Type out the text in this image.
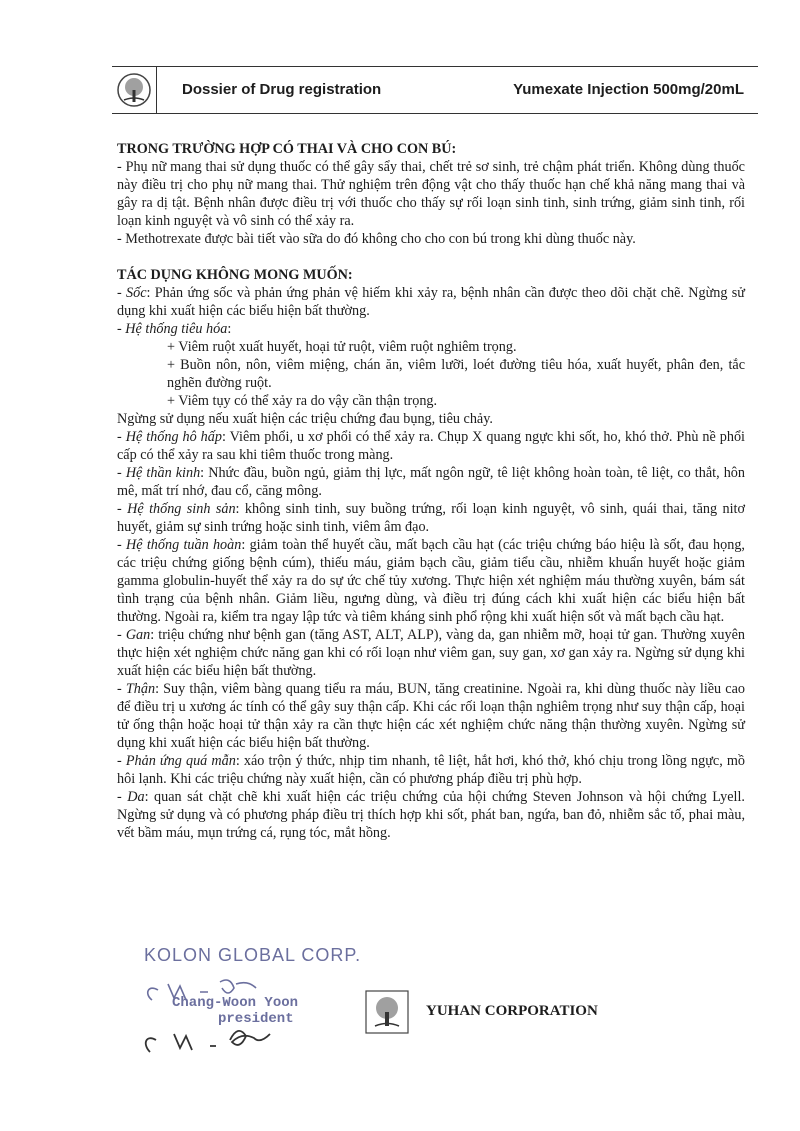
Dossier of Drug registration	Yumexate Injection 500mg/20mL

TRONG TRƯỜNG HỢP CÓ THAI VÀ CHO CON BÚ:

- Phụ nữ mang thai sử dụng thuốc có thể gây sẩy thai, chết trẻ sơ sinh, trẻ chậm phát triển. Không dùng thuốc này điều trị cho phụ nữ mang thai. Thử nghiệm trên động vật cho thấy thuốc hạn chế khả năng mang thai và gây ra dị tật. Bệnh nhân được điều trị với thuốc cho thấy sự rối loạn sinh tinh, sinh trứng, giảm sinh tinh, rối loạn kinh nguyệt và vô sinh có thể xảy ra.

- Methotrexate được bài tiết vào sữa do đó không cho cho con bú trong khi dùng thuốc này.

TÁC DỤNG KHÔNG MONG MUỐN:

- Sốc: Phản ứng sốc và phản ứng phản vệ hiếm khi xảy ra, bệnh nhân cần được theo dõi chặt chẽ. Ngừng sử dụng khi xuất hiện các biểu hiện bất thường.

- Hệ thống tiêu hóa:

+ Viêm ruột xuất huyết, hoại tử ruột, viêm ruột nghiêm trọng.

+ Buồn nôn, nôn, viêm miệng, chán ăn, viêm lưỡi, loét đường tiêu hóa, xuất huyết, phân đen, tắc nghẽn đường ruột.

+ Viêm tụy có thể xảy ra do vậy cần thận trọng.

Ngừng sử dụng nếu xuất hiện các triệu chứng đau bụng, tiêu chảy.

- Hệ thống hô hấp: Viêm phổi, u xơ phổi có thể xảy ra. Chụp X quang ngực khi sốt, ho, khó thở. Phù nề phổi cấp có thể xảy ra sau khi tiêm thuốc trong màng.

- Hệ thần kinh: Nhức đầu, buồn ngủ, giảm thị lực, mất ngôn ngữ, tê liệt không hoàn toàn, tê liệt, co thắt, hôn mê, mất trí nhớ, đau cổ, căng mông.

- Hệ thống sinh sản: không sinh tinh, suy buồng trứng, rối loạn kinh nguyệt, vô sinh, quái thai, tăng nitơ huyết, giảm sự sinh trứng hoặc sinh tinh, viêm âm đạo.

- Hệ thống tuần hoàn: giảm toàn thể huyết cầu, mất bạch cầu hạt (các triệu chứng báo hiệu là sốt, đau họng, các triệu chứng giống bệnh cúm), thiếu máu, giảm bạch cầu, giảm tiểu cầu, nhiễm khuẩn huyết hoặc giảm gamma globulin-huyết thể xảy ra do sự ức chế tủy xương. Thực hiện xét nghiệm máu thường xuyên, bám sát tình trạng của bệnh nhân. Giảm liều, ngưng dùng, và điều trị đúng cách khi xuất hiện các biểu hiện bất thường. Ngoài ra, kiểm tra ngay lập tức và tiêm kháng sinh phổ rộng khi xuất hiện sốt và mất bạch cầu hạt.

- Gan: triệu chứng như bệnh gan (tăng AST, ALT, ALP), vàng da, gan nhiễm mỡ, hoại tử gan. Thường xuyên thực hiện xét nghiệm chức năng gan khi có rối loạn như viêm gan, suy gan, xơ gan xảy ra. Ngừng sử dụng khi xuất hiện các biểu hiện bất thường.

- Thận: Suy thận, viêm bàng quang tiểu ra máu, BUN, tăng creatinine. Ngoài ra, khi dùng thuốc này liều cao để điều trị u xương ác tính có thể gây suy thận cấp. Khi các rối loạn thận nghiêm trọng như suy thận cấp, hoại tử ống thận hoặc hoại tử thận xảy ra cần thực hiện các xét nghiệm chức năng thận thường xuyên. Ngừng sử dụng khi xuất hiện các biểu hiện bất thường.

- Phản ứng quá mẫn: xáo trộn ý thức, nhịp tim nhanh, tê liệt, hắt hơi, khó thở, khó chịu trong lồng ngực, mồ hôi lạnh. Khi các triệu chứng này xuất hiện, cần có phương pháp điều trị phù hợp.

- Da: quan sát chặt chẽ khi xuất hiện các triệu chứng của hội chứng Steven Johnson và hội chứng Lyell. Ngừng sử dụng và có phương pháp điều trị thích hợp khi sốt, phát ban, ngứa, ban đỏ, nhiễm sắc tố, phai màu, vết bầm máu, mụn trứng cá, rụng tóc, mắt hồng.

KOLON GLOBAL CORP.
Chang-Woon Yoon
president	YUHAN CORPORATION
